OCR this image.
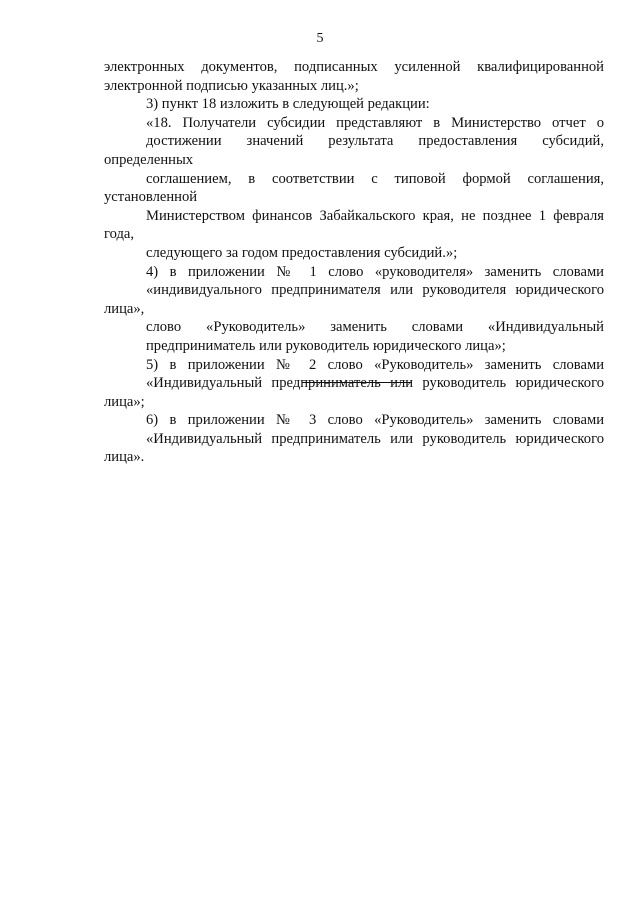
5

электронных документов, подписанных усиленной квалифицированной
электронной подписью указанных лиц.»;

3) пункт 18 изложить в следующей редакции:

«18. Получатели субсидии представляют в Министерство отчет о
достижении значений результата предоставления субсидий, определенных
соглашением, в соответствии с типовой формой соглашения, установленной
Министерством финансов Забайкальского края, не позднее 1 февраля года,
следующего за годом предоставления субсидий.»;

4) в приложении № 1 слово «руководителя» заменить словами
«индивидуального предпринимателя или руководителя юридического лица»,
слово «Руководитель» заменить словами «Индивидуальный
предприниматель или руководитель юридического лица»;

5) в приложении № 2 слово «Руководитель» заменить словами
«Индивидуальный предприниматель или руководитель юридического лица»;

6) в приложении № 3 слово «Руководитель» заменить словами
«Индивидуальный предприниматель или руководитель юридического лица».
